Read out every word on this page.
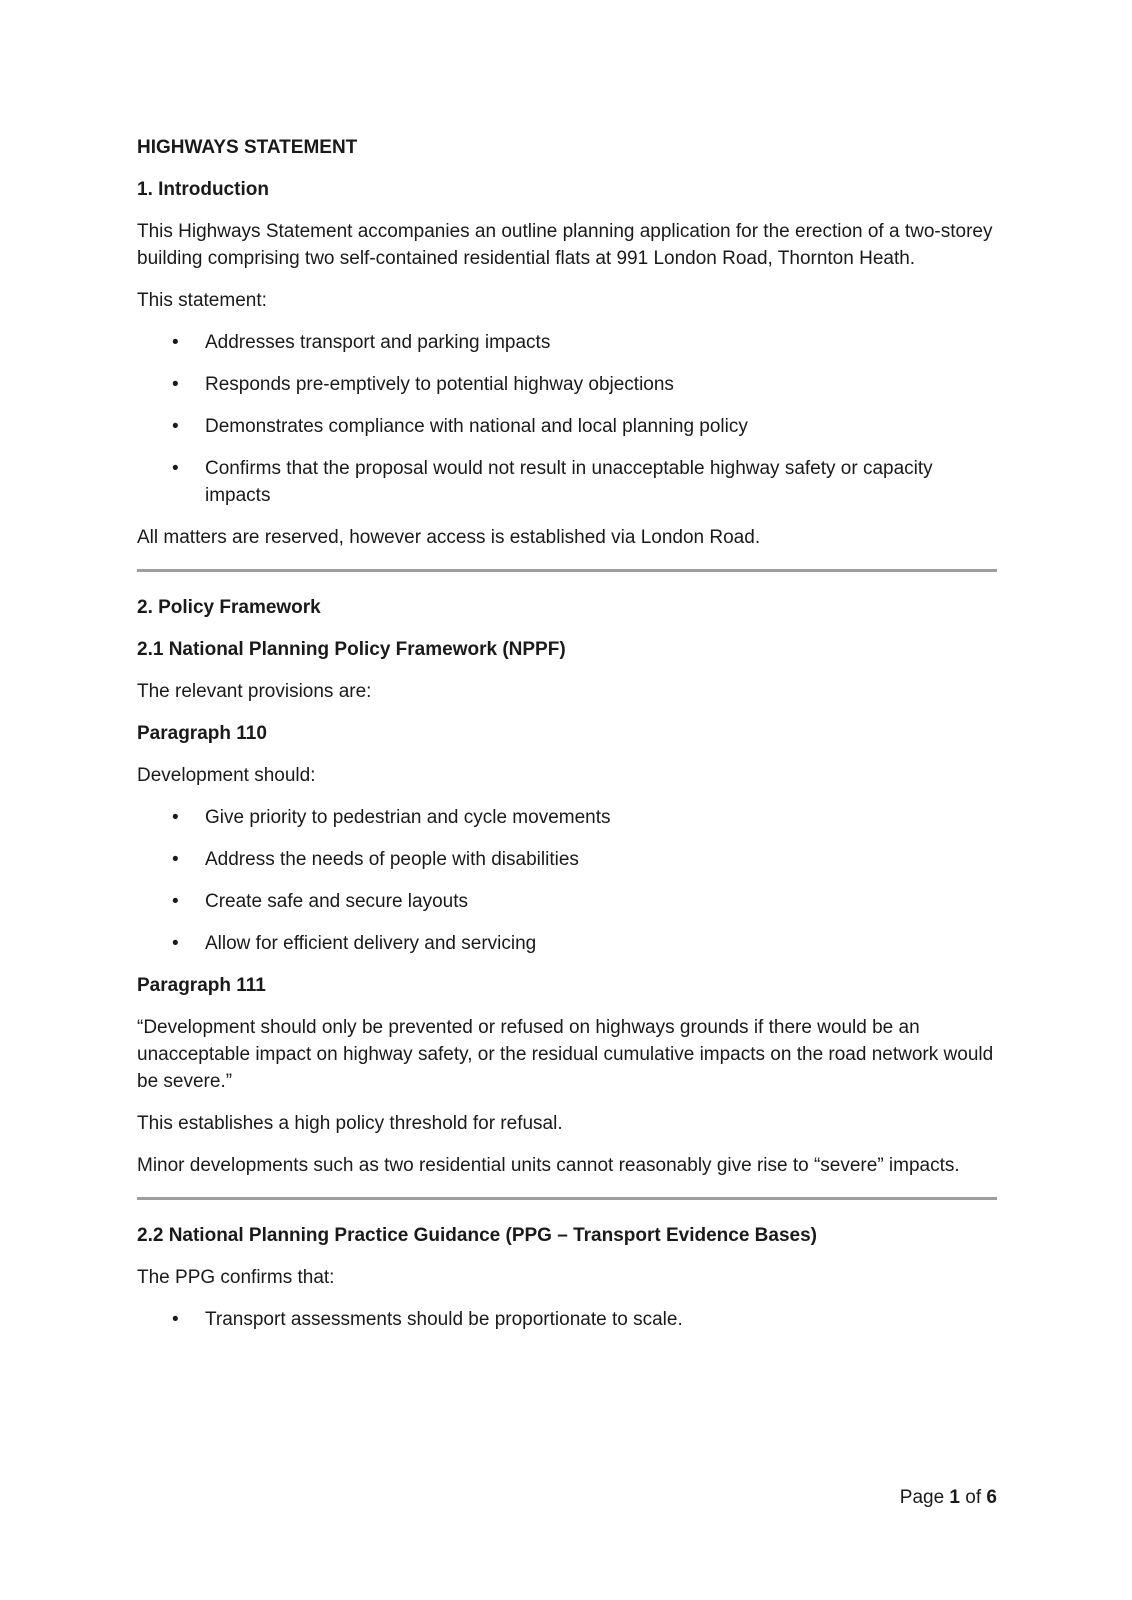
HIGHWAYS STATEMENT
1. Introduction

This Highways Statement accompanies an outline planning application for the erection of a two-storey building comprising two self-contained residential flats at 991 London Road, Thornton Heath.

This statement:

• Addresses transport and parking impacts
• Responds pre-emptively to potential highway objections
• Demonstrates compliance with national and local planning policy
• Confirms that the proposal would not result in unacceptable highway safety or capacity impacts

All matters are reserved, however access is established via London Road.

2. Policy Framework
2.1 National Planning Policy Framework (NPPF)

The relevant provisions are:

Paragraph 110

Development should:

• Give priority to pedestrian and cycle movements
• Address the needs of people with disabilities
• Create safe and secure layouts
• Allow for efficient delivery and servicing
Paragraph 111

“Development should only be prevented or refused on highways grounds if there would be an unacceptable impact on highway safety, or the residual cumulative impacts on the road network would be severe.”

This establishes a high policy threshold for refusal.

Minor developments such as two residential units cannot reasonably give rise to “severe” impacts.

2.2 National Planning Practice Guidance (PPG – Transport Evidence Bases)

The PPG confirms that:

• Transport assessments should be proportionate to scale.
Page 1 of 6
